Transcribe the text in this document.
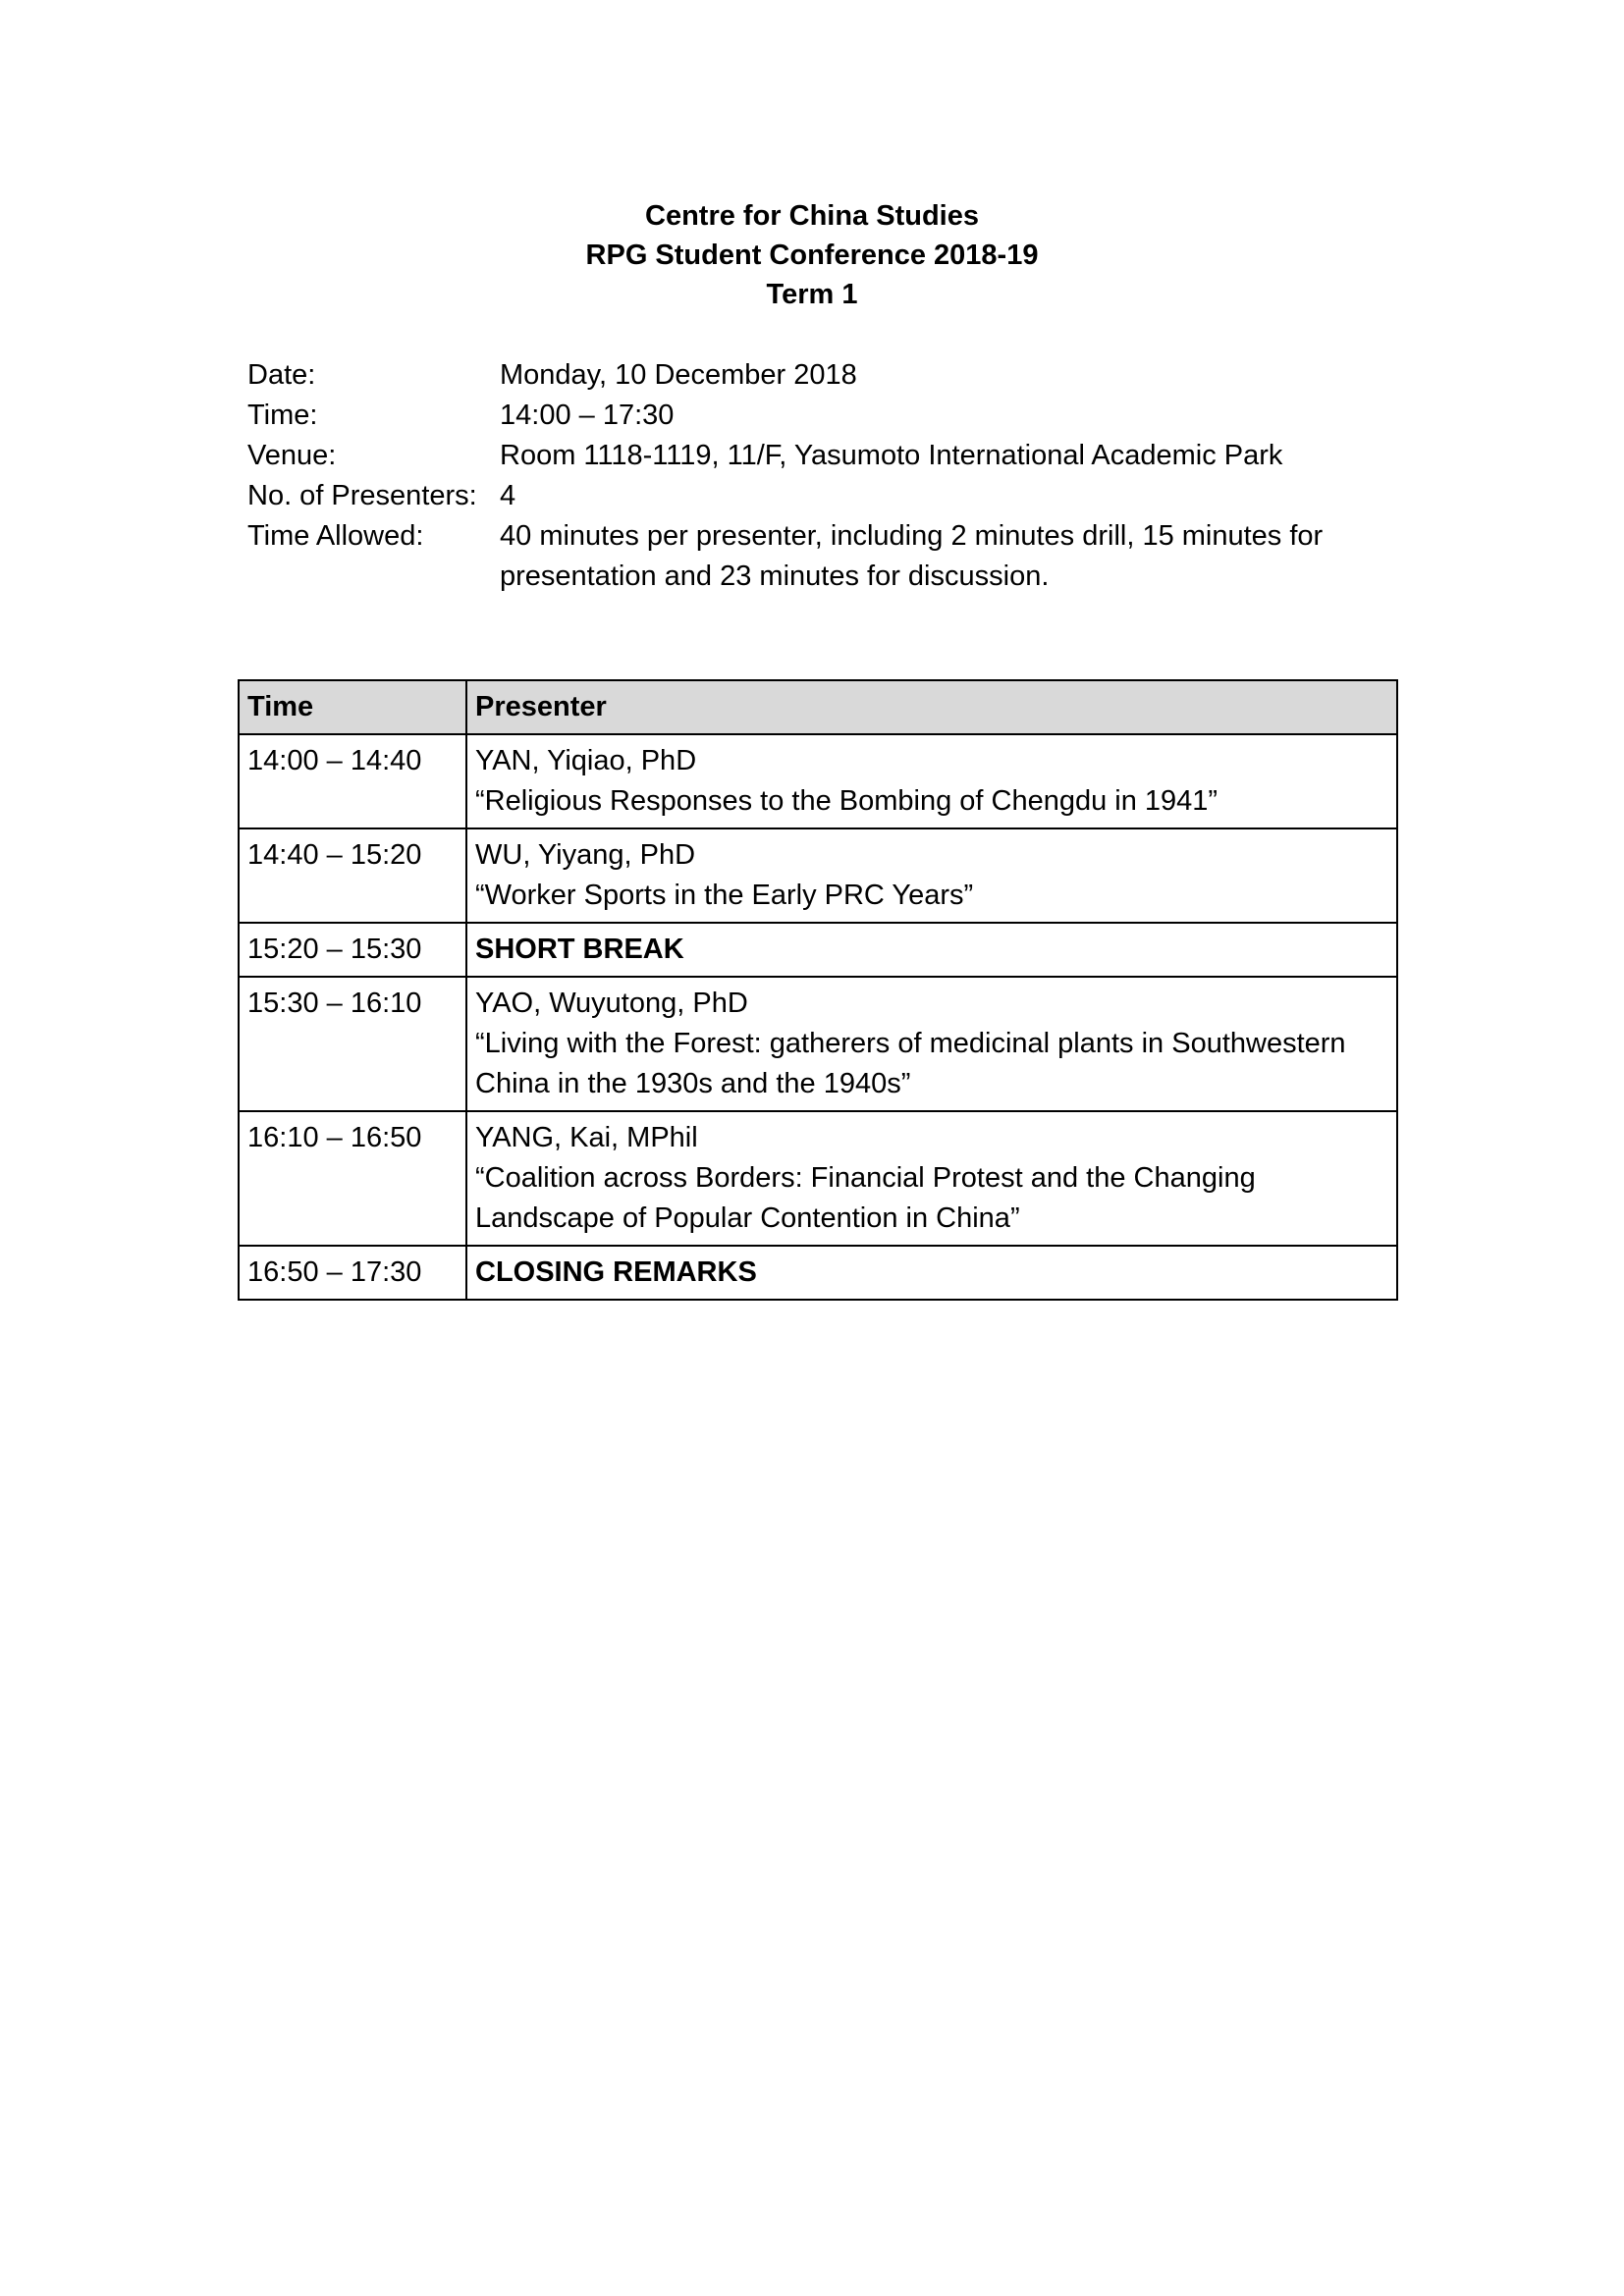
Centre for China Studies
RPG Student Conference 2018-19
Term 1
Date:	Monday, 10 December 2018
Time:	14:00 – 17:30
Venue:	Room 1118-1119, 11/F, Yasumoto International Academic Park
No. of Presenters: 4
Time Allowed:	40 minutes per presenter, including 2 minutes drill, 15 minutes for presentation and 23 minutes for discussion.
Time	Presenter
14:00 – 14:40	YAN, Yiqiao, PhD
“Religious Responses to the Bombing of Chengdu in 1941”

14:40 – 15:20	WU, Yiyang, PhD
“Worker Sports in the Early PRC Years”

15:20 – 15:30	SHORT BREAK
15:30 – 16:10	YAO, Wuyutong, PhD
“Living with the Forest: gatherers of medicinal plants in Southwestern China in the 1930s and the 1940s”

16:10 – 16:50	YANG, Kai, MPhil
“Coalition across Borders: Financial Protest and the Changing Landscape of Popular Contention in China”

16:50 – 17:30	CLOSING REMARKS
